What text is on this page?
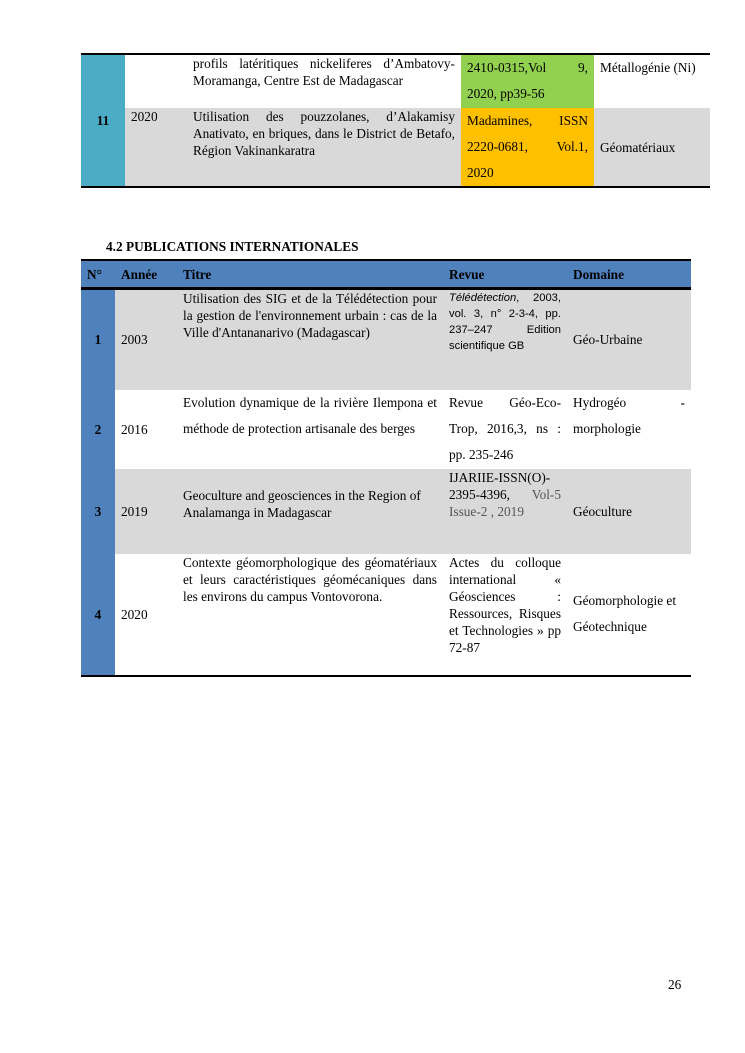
11		profils latéritiques nickeliferes d’Ambatovy- Moramanga, Centre Est de Madagascar	2410-0315,Vol 9, 2020, pp39-56	Métallogénie (Ni)
	2020	Utilisation des pouzzolanes, d’Alakamisy Anativato, en briques, dans le District de Betafo, Région Vakinankaratra	Madamines, ISSN 2220-0681, Vol.1, 2020	Géomatériaux
4.2 PUBLICATIONS INTERNATIONALES
N°	Année	Titre	Revue	Domaine
1	2003	Utilisation des SIG et de la Télédétection pour la gestion de l'environnement urbain : cas de la Ville d'Antananarivo (Madagascar)	Télédétection, 2003, vol. 3, n° 2-3-4, pp. 237–247 Edition scientifique GB	Géo-Urbaine
2	2016	Evolution dynamique de la rivière Ilempona et méthode de protection artisanale des berges	Revue Géo-Eco-Trop, 2016,3, ns : pp. 235-246	Hydrogéo - morphologie
3	2019	Geoculture and geosciences in the Region of Analamanga in Madagascar	IJARIIE-ISSN(O)- 2395-4396, Vol-5 Issue-2 , 2019	Géoculture
4	2020	Contexte géomorphologique des géomatériaux et leurs caractéristiques géomécaniques dans les environs du campus Vontovorona.	Actes du colloque international « Géosciences : Ressources, Risques et Technologies » pp 72-87	Géomorphologie et Géotechnique
26
